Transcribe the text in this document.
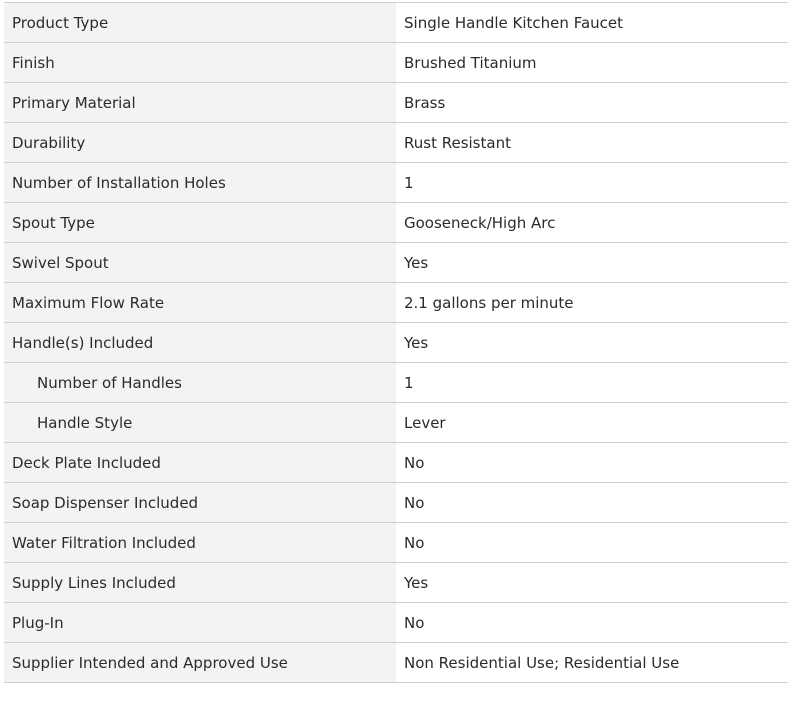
Product Type	Single Handle Kitchen Faucet
Finish	Brushed Titanium
Primary Material	Brass
Durability	Rust Resistant
Number of Installation Holes	1
Spout Type	Gooseneck/High Arc
Swivel Spout	Yes
Maximum Flow Rate	2.1 gallons per minute
Handle(s) Included	Yes
Number of Handles	1
Handle Style	Lever
Deck Plate Included	No
Soap Dispenser Included	No
Water Filtration Included	No
Supply Lines Included	Yes
Plug-In	No
Supplier Intended and Approved Use	Non Residential Use; Residential Use
